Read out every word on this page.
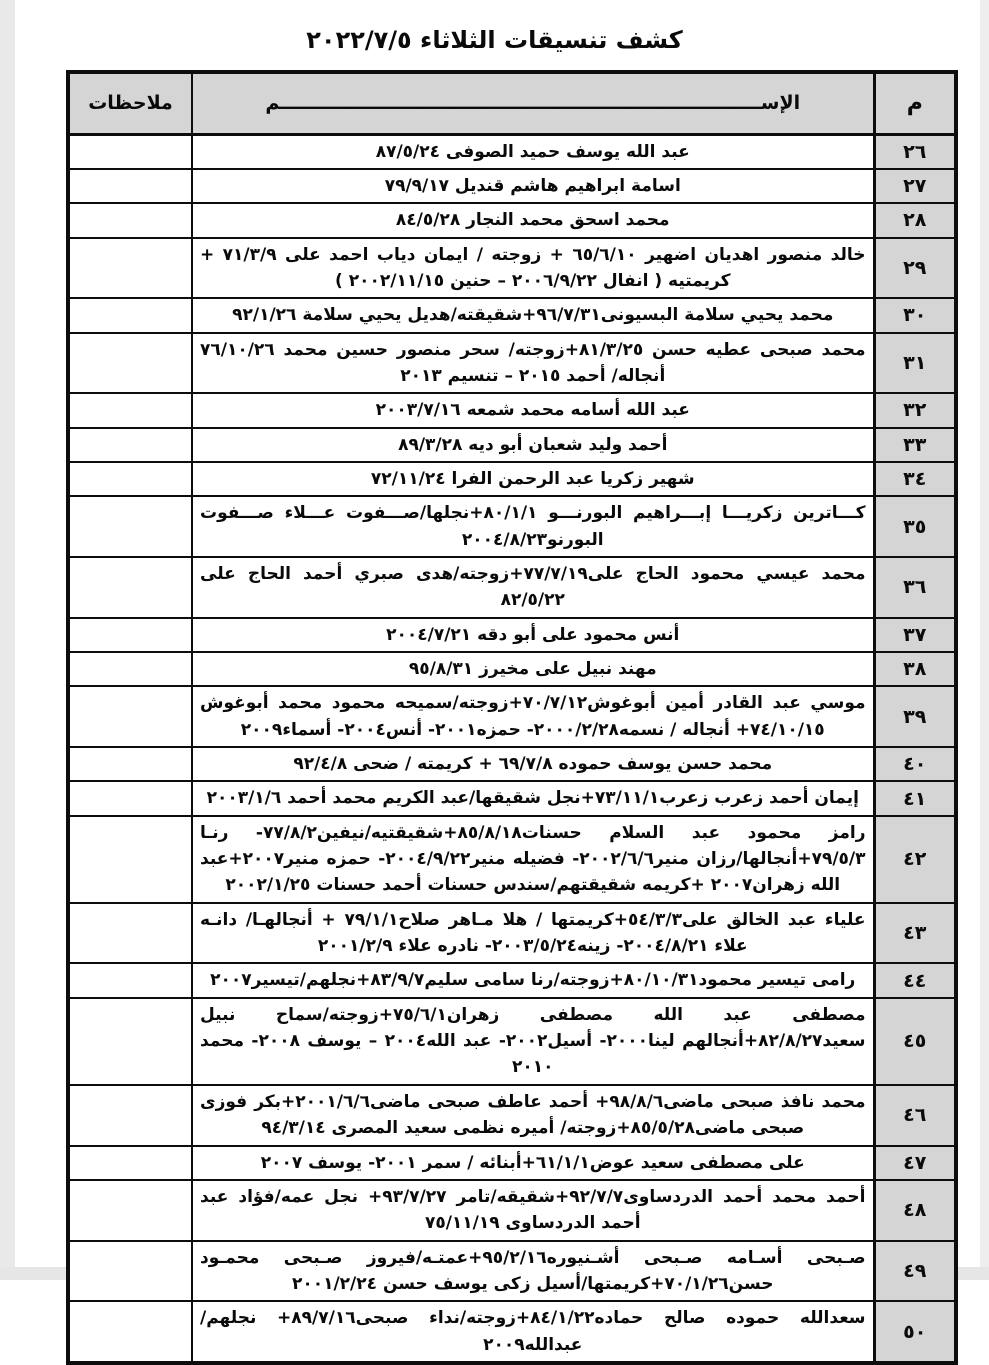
كشف تنسيقات الثلاثاء ٢٠٢٢/٧/٥
م	الإســــــــــــــــــــــــــــــــــــــــــــــــــــــــــــــــــــــــــم	ملاحظات
٢٦	عبد الله يوسف حميد الصوفى ٨٧/٥/٢٤	
٢٧	اسامة ابراهيم هاشم قنديل ٧٩/٩/١٧	
٢٨	محمد اسحق محمد النجار ٨٤/٥/٢٨	
٢٩	خالد منصور اهديان اضهير ٦٥/٦/١٠ + زوجته / ايمان دياب احمد على ٧١/٣/٩ + كريمتيه ( انفال ٢٠٠٦/٩/٢٢ – حنين ٢٠٠٢/١١/١٥ )	
٣٠	محمد يحيي سلامة البسيونى٩٦/٧/٣١+شقيقته/هديل يحيي سلامة ٩٢/١/٢٦	
٣١	محمد صبحى عطيه حسن ٨١/٣/٢٥+زوجته/ سحر منصور حسين محمد ٧٦/١٠/٢٦ أنجاله/ أحمد ٢٠١٥ – تنسيم ٢٠١٣	
٣٢	عبد الله أسامه محمد شمعه ٢٠٠٣/٧/١٦	
٣٣	أحمد وليد شعبان أبو ديه ٨٩/٣/٢٨	
٣٤	شهير زكريا عبد الرحمن الفرا ٧٢/١١/٢٤	
٣٥	كـــاترين زكريـــا إبـــراهيم البورنـــو ٨٠/١/١+نجلها/صـــفوت عـــلاء صـــفوت البورنو٢٠٠٤/٨/٢٣	
٣٦	محمد عيسي محمود الحاج على٧٧/٧/١٩+زوجته/هدى صبري أحمد الحاج على ٨٢/٥/٢٢	
٣٧	أنس محمود على أبو دقه ٢٠٠٤/٧/٢١	
٣٨	مهند نبيل على مخيرز ٩٥/٨/٣١	
٣٩	موسي عبد القادر أمين أبوغوش٧٠/٧/١٢+زوجته/سميحه محمود محمد أبوغوش ٧٤/١٠/١٥+ أنجاله / نسمه٢٠٠٠/٢/٢٨- حمزه٢٠٠١- أنس٢٠٠٤- أسماء٢٠٠٩	
٤٠	محمد حسن يوسف حموده ٦٩/٧/٨ + كريمته / ضحى ٩٢/٤/٨	
٤١	إيمان أحمد زعرب زعرب٧٣/١١/١+نجل شقيقها/عبد الكريم محمد أحمد ٢٠٠٣/١/٦	
٤٢	رامز محمود عبد السلام حسنات٨٥/٨/١٨+شقيقتيه/نيفين٧٧/٨/٢- رنـا ٧٩/٥/٣+أنجالها/رزان منير٢٠٠٢/٦/٦- فضيله منير٢٠٠٤/٩/٢٢- حمزه منير٢٠٠٧+عبد الله زهران٢٠٠٧ +كريمه شقيقتهم/سندس حسنات أحمد حسنات ٢٠٠٢/١/٢٥	
٤٣	علياء عبد الخالق على٥٤/٣/٣+كريمتها / هلا مـاهر صلاح٧٩/١/١ + أنجالهـا/ دانـه علاء ٢٠٠٤/٨/٢١- زينه٢٠٠٣/٥/٢٤- نادره علاء ٢٠٠١/٢/٩	
٤٤	رامى تيسير محمود٨٠/١٠/٣١+زوجته/رنا سامى سليم٨٣/٩/٧+نجلهم/تيسير٢٠٠٧	
٤٥	مصطفى عبد الله مصطفى زهران٧٥/٦/١+زوجته/سماح نبيل سعيد٨٢/٨/٢٧+أنجالهم لينا٢٠٠٠- أسيل٢٠٠٢- عبد الله٢٠٠٤ – يوسف ٢٠٠٨- محمد ٢٠١٠	
٤٦	محمد نافذ صبحى ماضى٩٨/٨/٦+ أحمد عاطف صبحى ماضى٢٠٠١/٦/٦+بكر فوزى صبحى ماضى٨٥/٥/٢٨+زوجته/ أميره نظمى سعيد المصرى ٩٤/٣/١٤	
٤٧	على مصطفى سعيد عوض٦١/١/١+أبنائه / سمر ٢٠٠١- يوسف ٢٠٠٧	
٤٨	أحمد محمد أحمد الدردساوى٩٢/٧/٧+شقيقه/تامر ٩٣/٧/٢٧+ نجل عمه/فؤاد عبد أحمد الدردساوى ٧٥/١١/١٩	
٤٩	صـبحى أسـامه صـبحى أشـنيوره٩٥/٢/١٦+عمتـه/فيروز صـبحى محمـود حسن٧٠/١/٢٦+كريمتها/أسيل زكى يوسف حسن ٢٠٠١/٢/٢٤	
٥٠	سعدالله حموده صالح حماده٨٤/١/٢٢+زوجته/نداء صبحى٨٩/٧/١٦+ نجلهم/ عبدالله٢٠٠٩	
